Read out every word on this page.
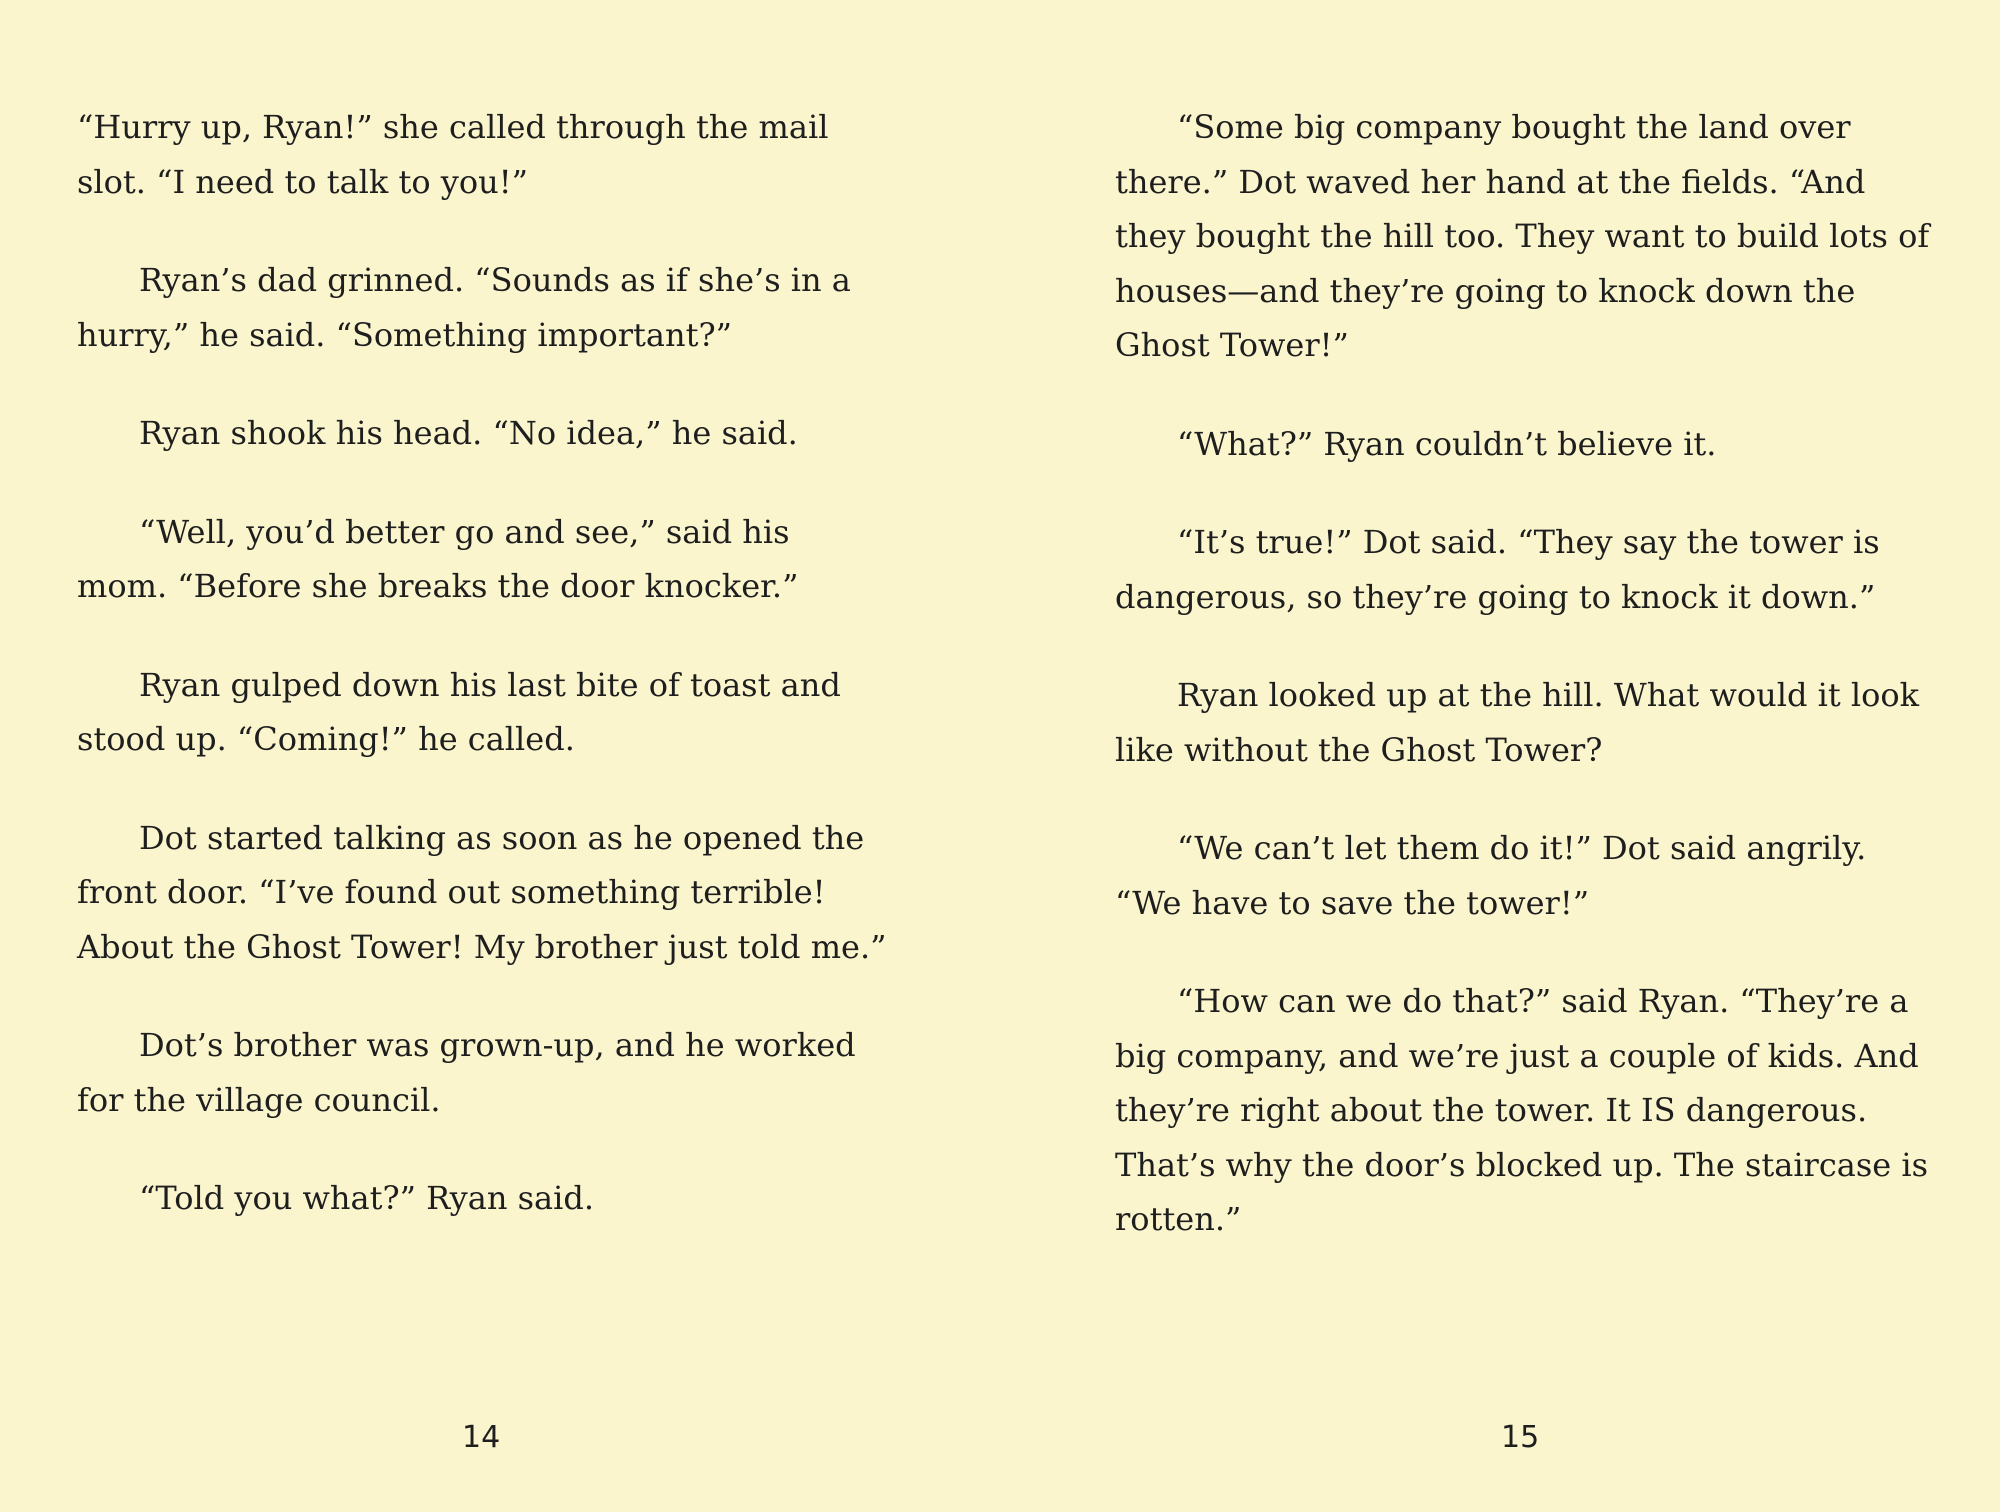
“Hurry up, Ryan!” she called through the mail slot. “I need to talk to you!”

Ryan’s dad grinned. “Sounds as if she’s in a hurry,” he said. “Something important?”

Ryan shook his head. “No idea,” he said.

“Well, you’d better go and see,” said his mom. “Before she breaks the door knocker.”

Ryan gulped down his last bite of toast and stood up. “Coming!” he called.

Dot started talking as soon as he opened the front door. “I’ve found out something terrible! About the Ghost Tower! My brother just told me.”

Dot’s brother was grown-up, and he worked for the village council.

“Told you what?” Ryan said.

“Some big company bought the land over there.” Dot waved her hand at the fields. “And they bought the hill too. They want to build lots of houses—and they’re going to knock down the Ghost Tower!”

“What?” Ryan couldn’t believe it.

“It’s true!” Dot said. “They say the tower is dangerous, so they’re going to knock it down.”

Ryan looked up at the hill. What would it look like without the Ghost Tower?

“We can’t let them do it!” Dot said angrily. “We have to save the tower!”

“How can we do that?” said Ryan. “They’re a big company, and we’re just a couple of kids. And they’re right about the tower. It IS dangerous. That’s why the door’s blocked up. The staircase is rotten.”

14	15
